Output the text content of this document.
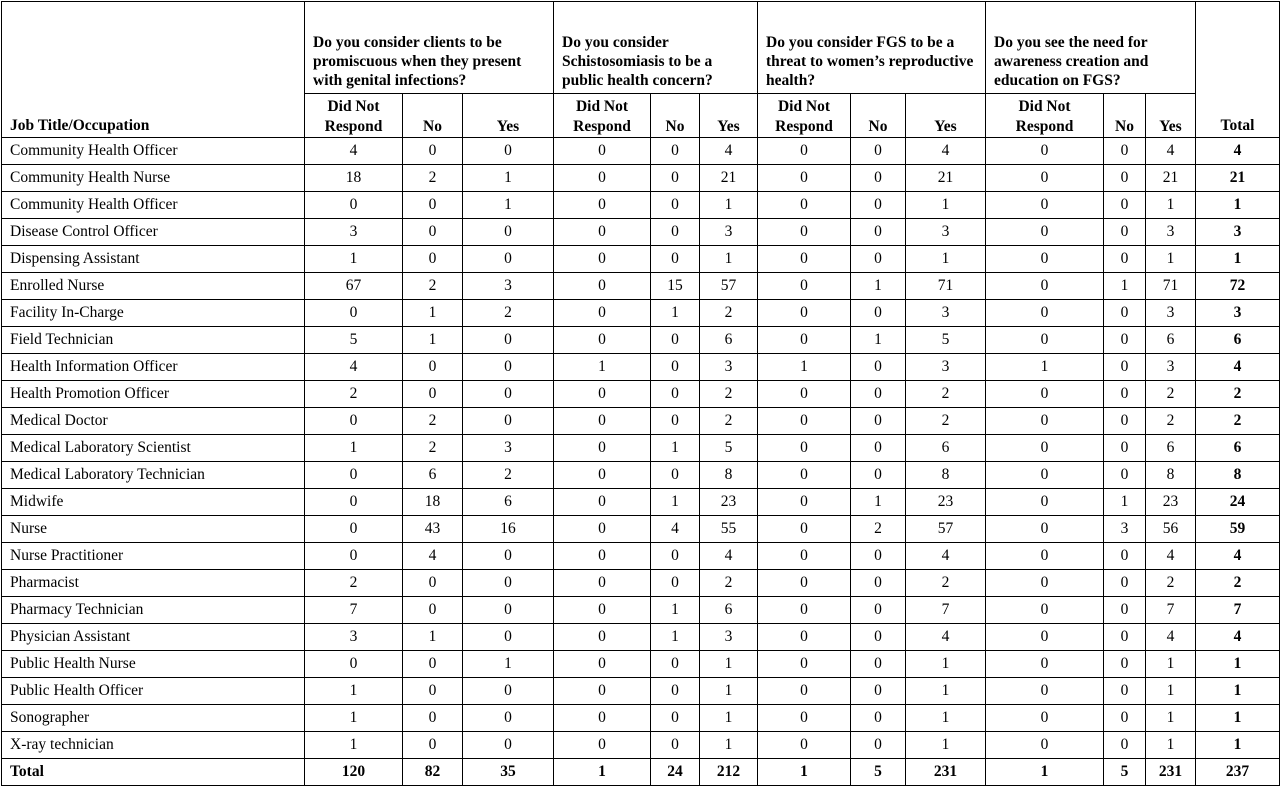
Job Title/Occupation	Do you consider clients to be promiscuous when they present with genital infections?			Do you consider Schistosomiasis to be a public health concern?			Do you consider FGS to be a threat to women’s reproductive health?			Do you see the need for awareness creation and education on FGS?			Total
	Did Not Respond	No	Yes	Did Not Respond	No	Yes	Did Not Respond	No	Yes	Did Not Respond	No	Yes	
Community Health Officer	4	0	0	0	0	4	0	0	4	0	0	4	4
Community Health Nurse	18	2	1	0	0	21	0	0	21	0	0	21	21
Community Health Officer	0	0	1	0	0	1	0	0	1	0	0	1	1
Disease Control Officer	3	0	0	0	0	3	0	0	3	0	0	3	3
Dispensing Assistant	1	0	0	0	0	1	0	0	1	0	0	1	1
Enrolled Nurse	67	2	3	0	15	57	0	1	71	0	1	71	72
Facility In-Charge	0	1	2	0	1	2	0	0	3	0	0	3	3
Field Technician	5	1	0	0	0	6	0	1	5	0	0	6	6
Health Information Officer	4	0	0	1	0	3	1	0	3	1	0	3	4
Health Promotion Officer	2	0	0	0	0	2	0	0	2	0	0	2	2
Medical Doctor	0	2	0	0	0	2	0	0	2	0	0	2	2
Medical Laboratory Scientist	1	2	3	0	1	5	0	0	6	0	0	6	6
Medical Laboratory Technician	0	6	2	0	0	8	0	0	8	0	0	8	8
Midwife	0	18	6	0	1	23	0	1	23	0	1	23	24
Nurse	0	43	16	0	4	55	0	2	57	0	3	56	59
Nurse Practitioner	0	4	0	0	0	4	0	0	4	0	0	4	4
Pharmacist	2	0	0	0	0	2	0	0	2	0	0	2	2
Pharmacy Technician	7	0	0	0	1	6	0	0	7	0	0	7	7
Physician Assistant	3	1	0	0	1	3	0	0	4	0	0	4	4
Public Health Nurse	0	0	1	0	0	1	0	0	1	0	0	1	1
Public Health Officer	1	0	0	0	0	1	0	0	1	0	0	1	1
Sonographer	1	0	0	0	0	1	0	0	1	0	0	1	1
X-ray technician	1	0	0	0	0	1	0	0	1	0	0	1	1
Total	120	82	35	1	24	212	1	5	231	1	5	231	237
